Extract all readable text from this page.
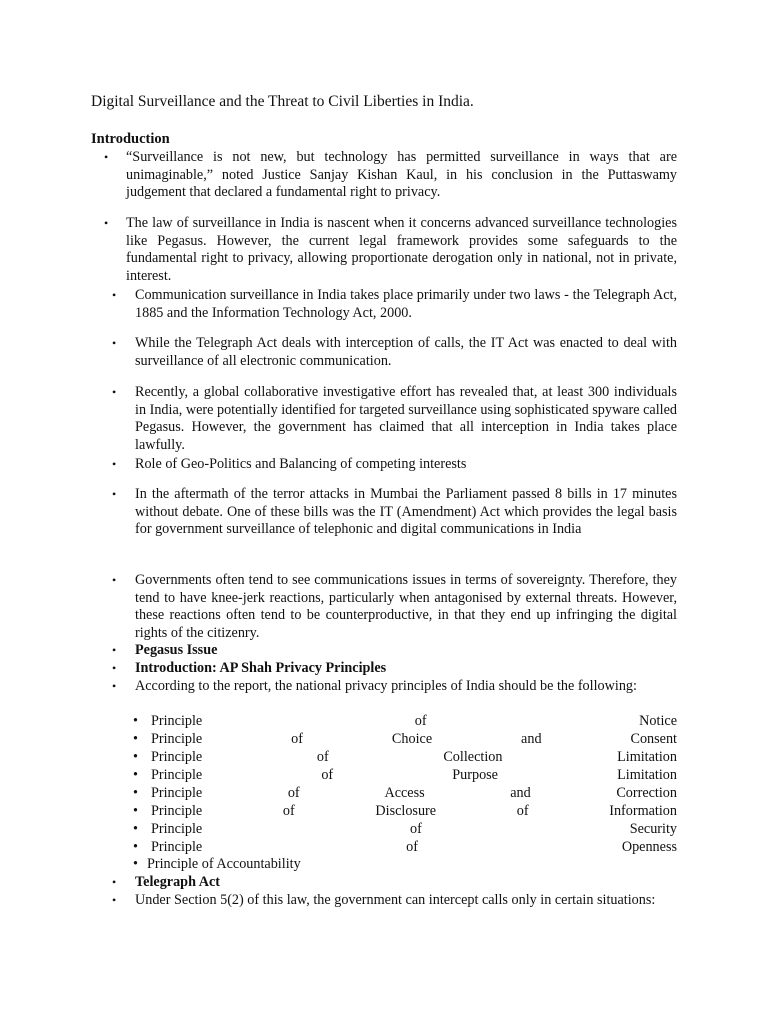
Digital Surveillance and the Threat to Civil Liberties in India.
Introduction
• “Surveillance is not new, but technology has permitted surveillance in ways that are unimaginable,” noted Justice Sanjay Kishan Kaul, in his conclusion in the Puttaswamy judgement that declared a fundamental right to privacy.
• The law of surveillance in India is nascent when it concerns advanced surveillance technologies like Pegasus. However, the current legal framework provides some safeguards to the fundamental right to privacy, allowing proportionate derogation only in national, not in private, interest.
• Communication surveillance in India takes place primarily under two laws - the Telegraph Act, 1885 and the Information Technology Act, 2000.
• While the Telegraph Act deals with interception of calls, the IT Act was enacted to deal with surveillance of all electronic communication.
• Recently, a global collaborative investigative effort has revealed that, at least 300 individuals in India, were potentially identified for targeted surveillance using sophisticated spyware called Pegasus. However, the government has claimed that all interception in India takes place lawfully.
• Role of Geo-Politics and Balancing of competing interests
• In the aftermath of the terror attacks in Mumbai the Parliament passed 8 bills in 17 minutes without debate. One of these bills was the IT (Amendment) Act which provides the legal basis for government surveillance of telephonic and digital communications in India
• Governments often tend to see communications issues in terms of sovereignty. Therefore, they tend to have knee-jerk reactions, particularly when antagonised by external threats. However, these reactions often tend to be counterproductive, in that they end up infringing the digital rights of the citizenry.
• Pegasus Issue
• Introduction: AP Shah Privacy Principles
• According to the report, the national privacy principles of India should be the following:
• Principle of Notice
• Principle of Choice and Consent
• Principle of Collection Limitation
• Principle of Purpose Limitation
• Principle of Access and Correction
• Principle of Disclosure of Information
• Principle of Security
• Principle of Openness
• Principle of Accountability
• Telegraph Act
• Under Section 5(2) of this law, the government can intercept calls only in certain situations:
